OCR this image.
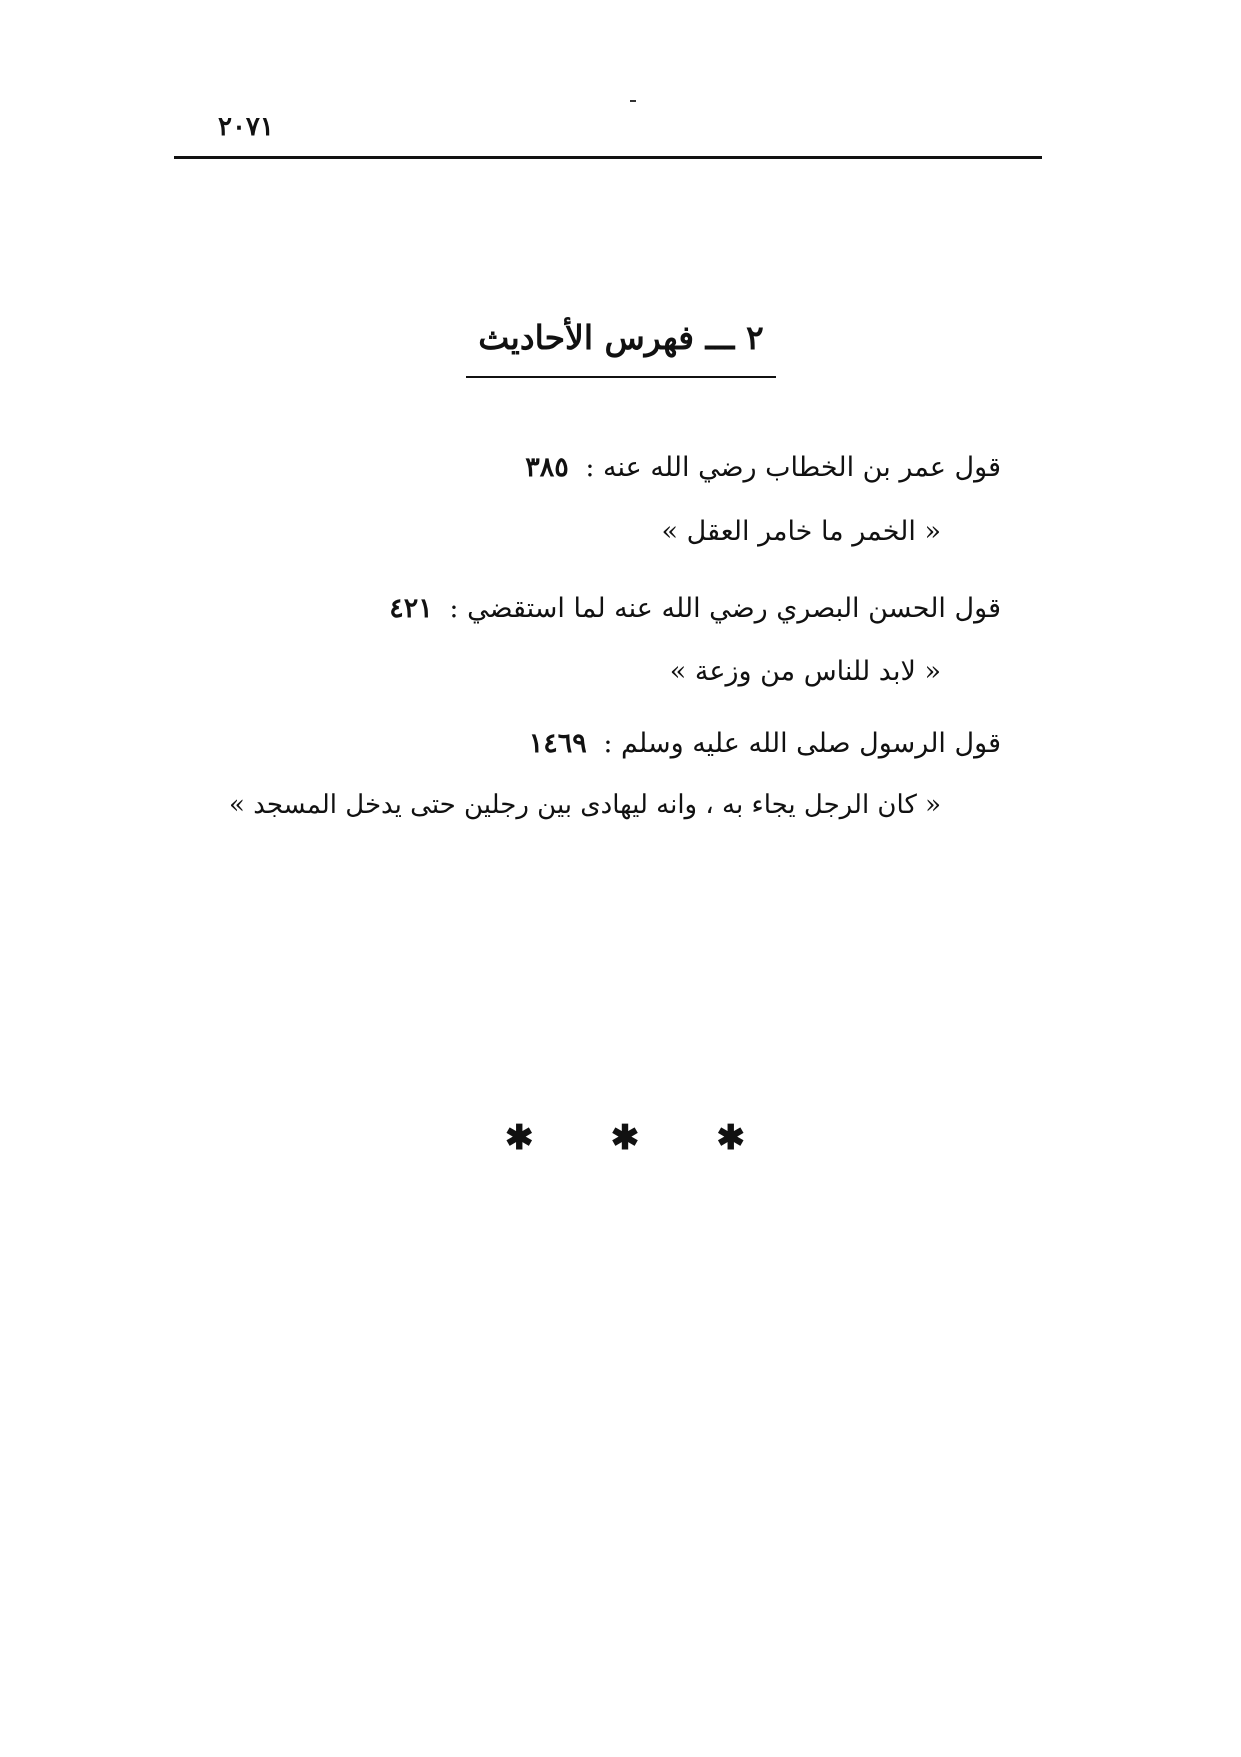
٢٠٧١
٢ ـــ فهرس الأحاديث
قول عمر بن الخطاب رضي الله عنه : ٣٨٥
« الخمر ما خامر العقل »
قول الحسن البصري رضي الله عنه لما استقضي : ٤٢١
« لابد للناس من وزعة »
قول الرسول صلى الله عليه وسلم : ١٤٦٩
« كان الرجل يجاء به ، وانه ليهادى بين رجلين حتى يدخل المسجد »
✱ ✱ ✱
